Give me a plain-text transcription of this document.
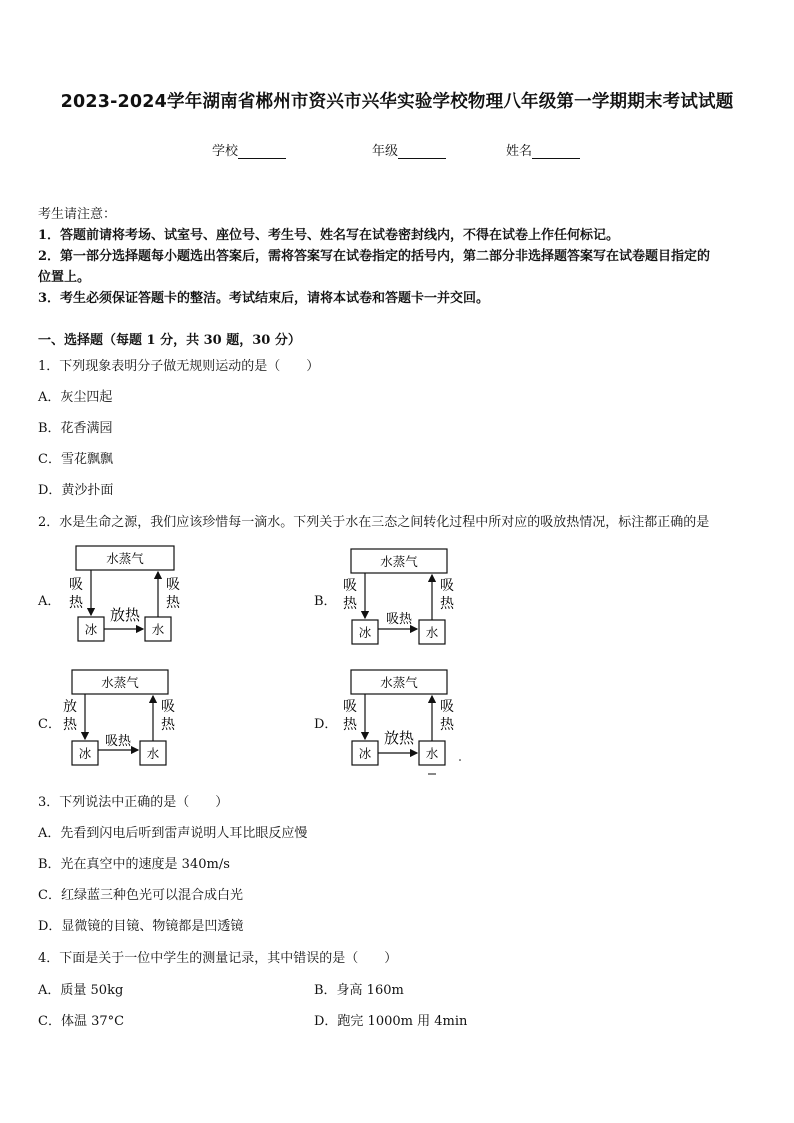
2023-2024学年湖南省郴州市资兴市兴华实验学校物理八年级第一学期期末考试试题
学校	年级	姓名
考生请注意：
1．答题前请将考场、试室号、座位号、考生号、姓名写在试卷密封线内，不得在试卷上作任何标记。
2．第一部分选择题每小题选出答案后，需将答案写在试卷指定的括号内，第二部分非选择题答案写在试卷题目指定的
位置上。
3．考生必须保证答题卡的整洁。考试结束后，请将本试卷和答题卡一并交回。
一、选择题（每题 1 分，共 30 题，30 分）
1．下列现象表明分子做无规则运动的是（　　）
A．灰尘四起
B．花香满园
C．雪花飘飘
D．黄沙扑面
2．水是生命之源，我们应该珍惜每一滴水。下列关于水在三态之间转化过程中所对应的吸放热情况，标注都正确的是
A．	B．
C．	D．
水蒸气
冰	水
吸
热
吸
热
放热
水蒸气
冰	水
吸
热
吸
热
吸热
水蒸气
冰	水
放
热
吸
热
吸热
水蒸气
冰	水
吸
热
吸
热
放热
3．下列说法中正确的是（　　）
A．先看到闪电后听到雷声说明人耳比眼反应慢
B．光在真空中的速度是 340m/s
C．红绿蓝三种色光可以混合成白光
D．显微镜的目镜、物镜都是凹透镜
4．下面是关于一位中学生的测量记录，其中错误的是（　　）
A．质量 50kg	B．身高 160m
C．体温 37°C	D．跑完 1000m 用 4min
